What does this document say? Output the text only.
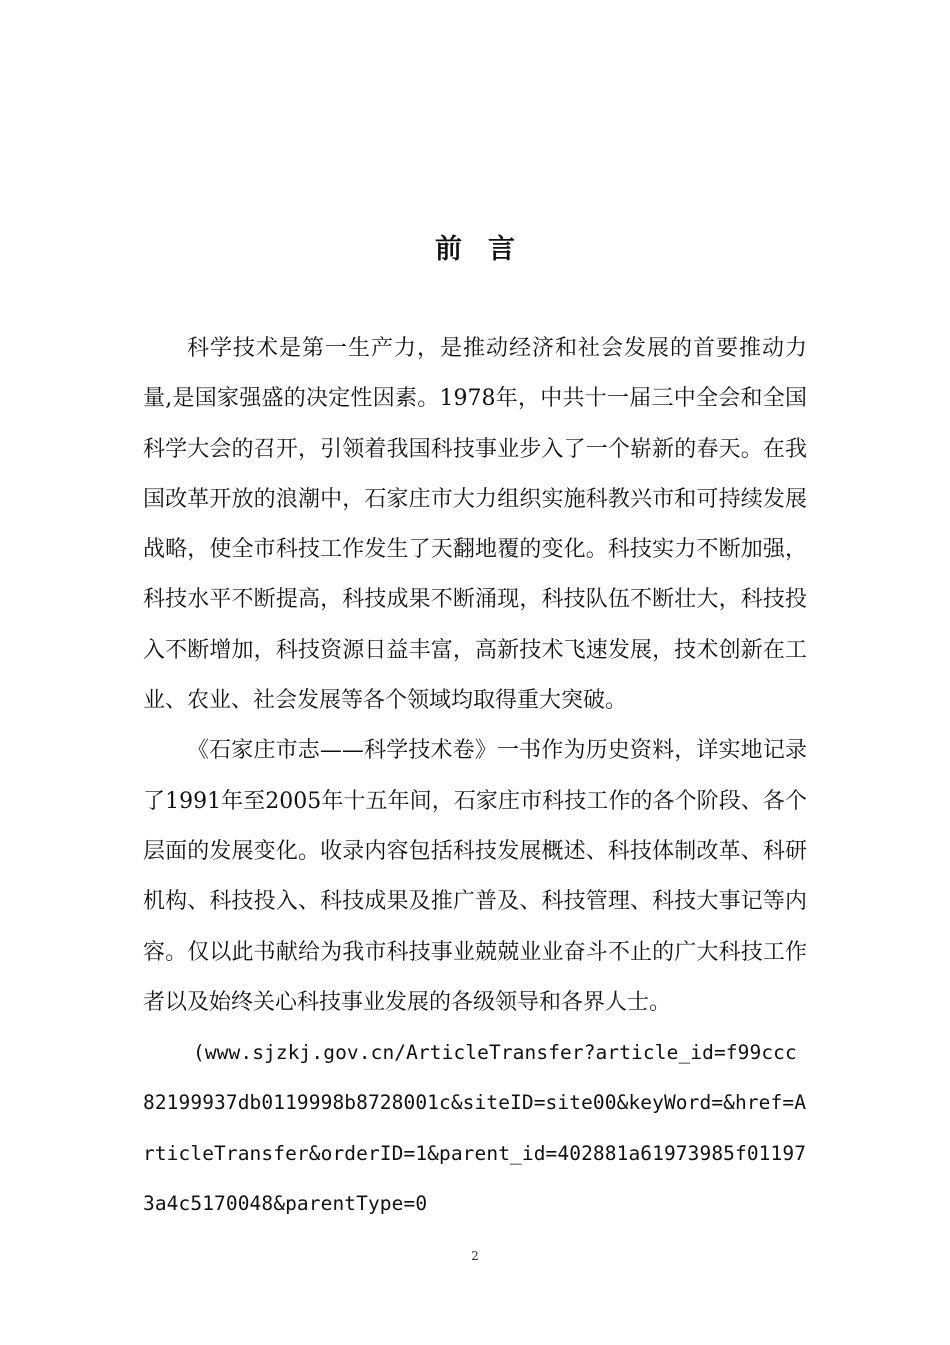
前言

科学技术是第一生产力，是推动经济和社会发展的首要推动力量,是国家强盛的决定性因素。1978年，中共十一届三中全会和全国科学大会的召开，引领着我国科技事业步入了一个崭新的春天。在我国改革开放的浪潮中，石家庄市大力组织实施科教兴市和可持续发展战略，使全市科技工作发生了天翻地覆的变化。科技实力不断加强，科技水平不断提高，科技成果不断涌现，科技队伍不断壮大，科技投入不断增加，科技资源日益丰富，高新技术飞速发展，技术创新在工业、农业、社会发展等各个领域均取得重大突破。

《石家庄市志——科学技术卷》一书作为历史资料，详实地记录了1991年至2005年十五年间，石家庄市科技工作的各个阶段、各个层面的发展变化。收录内容包括科技发展概述、科技体制改革、科研机构、科技投入、科技成果及推广普及、科技管理、科技大事记等内容。仅以此书献给为我市科技事业兢兢业业奋斗不止的广大科技工作者以及始终关心科技事业发展的各级领导和各界人士。

(www.sjzkj.gov.cn/ArticleTransfer?article_id=f99ccc82199937db0119998b8728001c&siteID=site00&keyWord=&href=ArticleTransfer&orderID=1&parent_id=402881a61973985f011973a4c5170048&parentType=0

2
